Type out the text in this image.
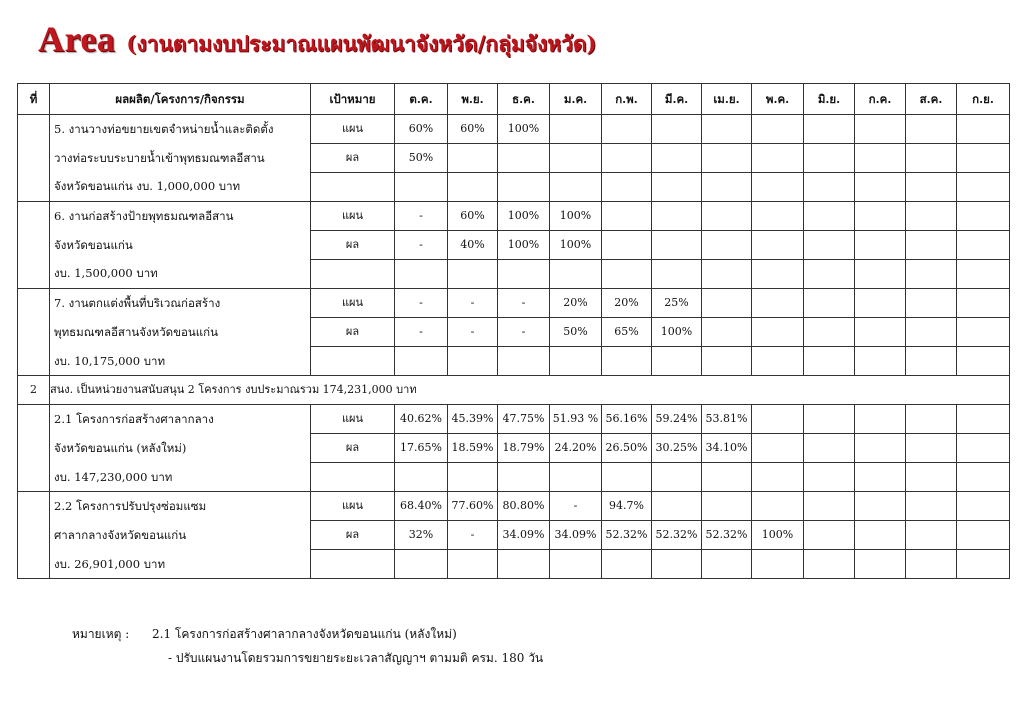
Area (งานตามงบประมาณแผนพัฒนาจังหวัด/กลุ่มจังหวัด)
ที่	ผลผลิต/โครงการ/กิจกรรม	เป้าหมาย	ต.ค.	พ.ย.	ธ.ค.	ม.ค.	ก.พ.	มี.ค.	เม.ย.	พ.ค.	มิ.ย.	ก.ค.	ส.ค.	ก.ย.

	5. งานวางท่อขยายเขตจำหน่ายน้ำและติดตั้ง
วางท่อระบบระบายน้ำเข้าพุทธมณฑลอีสาน
จังหวัดขอนแก่น งบ. 1,000,000 บาท	แผน	60%	60%	100%									
		ผล	50%											

	6. งานก่อสร้างป้ายพุทธมณฑลอีสาน
จังหวัดขอนแก่น
งบ. 1,500,000 บาท	แผน	-	60%	100%	100%								
		ผล	-	40%	100%	100%								

	7. งานตกแต่งพื้นที่บริเวณก่อสร้าง
พุทธมณฑลอีสานจังหวัดขอนแก่น
งบ. 10,175,000 บาท	แผน	-	-	-	20%	20%	25%						
		ผล	-	-	-	50%	65%	100%						

2	สนง. เป็นหน่วยงานสนับสนุน 2 โครงการ งบประมาณรวม 174,231,000 บาท													

	2.1 โครงการก่อสร้างศาลากลาง
จังหวัดขอนแก่น (หลังใหม่)
งบ. 147,230,000 บาท	แผน	40.62%	45.39%	47.75%	51.93 %	56.16%	59.24%	53.81%					
		ผล	17.65%	18.59%	18.79%	24.20%	26.50%	30.25%	34.10%					

	2.2 โครงการปรับปรุงซ่อมแซม
ศาลากลางจังหวัดขอนแก่น
งบ. 26,901,000 บาท	แผน	68.40%	77.60%	80.80%	-	94.7%							
		ผล	32%	-	34.09%	34.09%	52.32%	52.32%	52.32%	100%				

หมายเหตุ : 2.1 โครงการก่อสร้างศาลากลางจังหวัดขอนแก่น (หลังใหม่)
- ปรับแผนงานโดยรวมการขยายระยะเวลาสัญญาฯ ตามมติ ครม. 180 วัน
